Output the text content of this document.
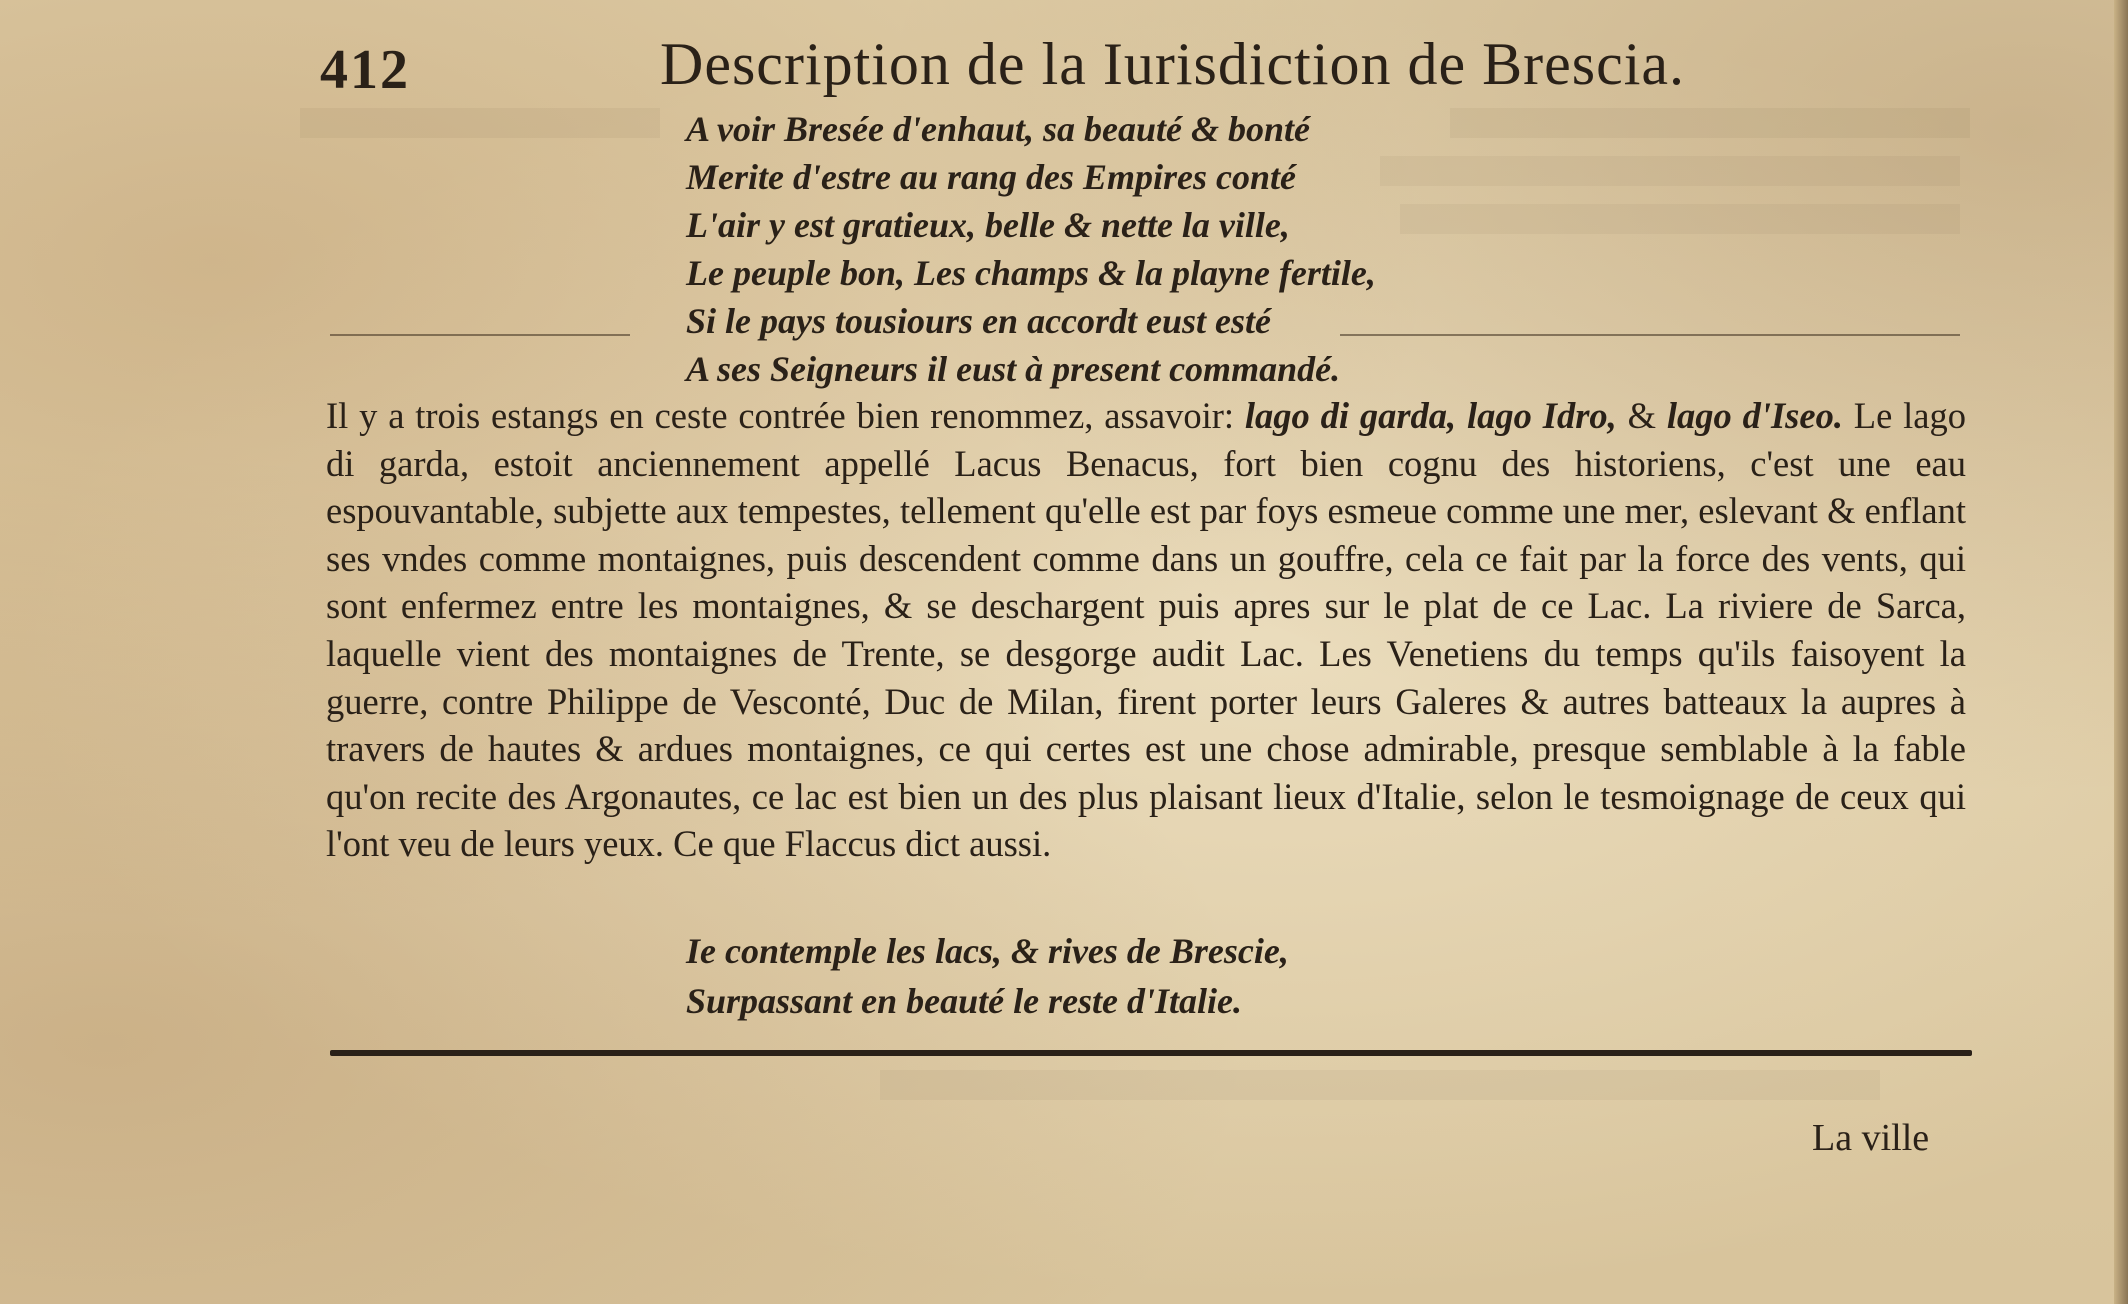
412	Description de la Iurisdiction de Brescia.
A voir Bresée d'enhaut, sa beauté & bonté
Merite d'estre au rang des Empires conté
L'air y est gratieux, belle & nette la ville,
Le peuple bon, Les champs & la playne fertile,
Si le pays tousiours en accordt eust esté
A ses Seigneurs il eust à present commandé.
Il y a trois estangs en ceste contrée bien renommez, assavoir: lago di garda, lago Idro, & lago d'Iseo. Le lago di garda, estoit anciennement appellé Lacus Benacus, fort bien cognu des historiens, c'est une eau espouvantable, subjette aux tempestes, tellement qu'elle est par foys esmeue comme une mer, eslevant & enflant ses vndes comme montaignes, puis descendent comme dans un gouffre, cela ce fait par la force des vents, qui sont enfermez entre les montaignes, & se deschargent puis apres sur le plat de ce Lac. La riviere de Sarca, laquelle vient des montaignes de Trente, se desgorge audit Lac. Les Venetiens du temps qu'ils faisoyent la guerre, contre Philippe de Vesconté, Duc de Milan, firent porter leurs Galeres & autres batteaux la aupres à travers de hautes & ardues montaignes, ce qui certes est une chose admirable, presque semblable à la fable qu'on recite des Argonautes, ce lac est bien un des plus plaisant lieux d'Italie, selon le tesmoignage de ceux qui l'ont veu de leurs yeux. Ce que Flaccus dict aussi.
Ie contemple les lacs, & rives de Brescie,
Surpassant en beauté le reste d'Italie.
La ville
